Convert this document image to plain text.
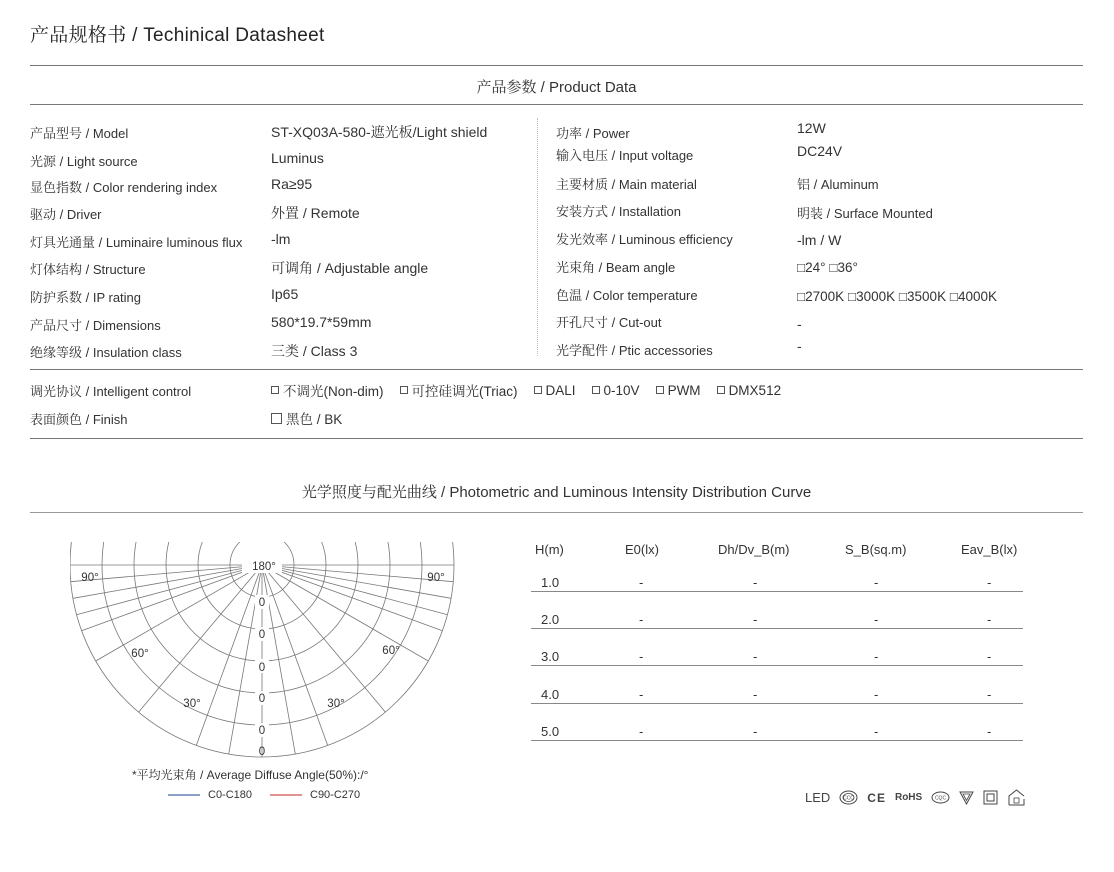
产品规格书 / Techinical Datasheet
产品参数 / Product Data
产品型号 / Model	ST-XQ03A-580-遮光板/Light shield
光源 / Light source	Luminus
显色指数 / Color rendering index	Ra≥95
驱动 / Driver	外置 / Remote
灯具光通量 / Luminaire luminous flux -lm
灯体结构 / Structure	可调角 / Adjustable angle
防护系数 / IP rating	Ip65
产品尺寸 / Dimensions	580*19.7*59mm
绝缘等级 / Insulation class	三类 / Class 3
功率 / Power	12W
输入电压 / Input voltage	DC24V
主要材质 / Main material	铝 / Aluminum
安装方式 / Installation	明装 / Surface Mounted
发光效率 / Luminous efficiency	-lm / W
光束角 / Beam angle	□24° □36°
色温 / Color temperature	□2700K □3000K □3500K □4000K
开孔尺寸 / Cut-out	-
光学配件 / Ptic accessories	-
调光协议 / Intelligent control	不调光(Non-dim) 可控硅调光(Triac) DALI 0-10V PWM DMX512
表面颜色 / Finish	黑色 / BK
光学照度与配光曲线 / Photometric and Luminous Intensity Distribution Curve
180°
90°	90°
60°	60°
30°	30°
0
0
0
0
0
0
*平均光束角 / Average Diffuse Angle(50%):/°
C0-C180	C90-C270
H(m)	E0(lx)	Dh/Dv_B(m)	S_B(sq.m)	Eav_B(lx)
1.0	-	-	-	-
2.0	-	-	-	-
3.0	-	-	-	-
4.0	-	-	-	-
5.0	-	-	-	-
LED	CCC CE RoHS	CQC
